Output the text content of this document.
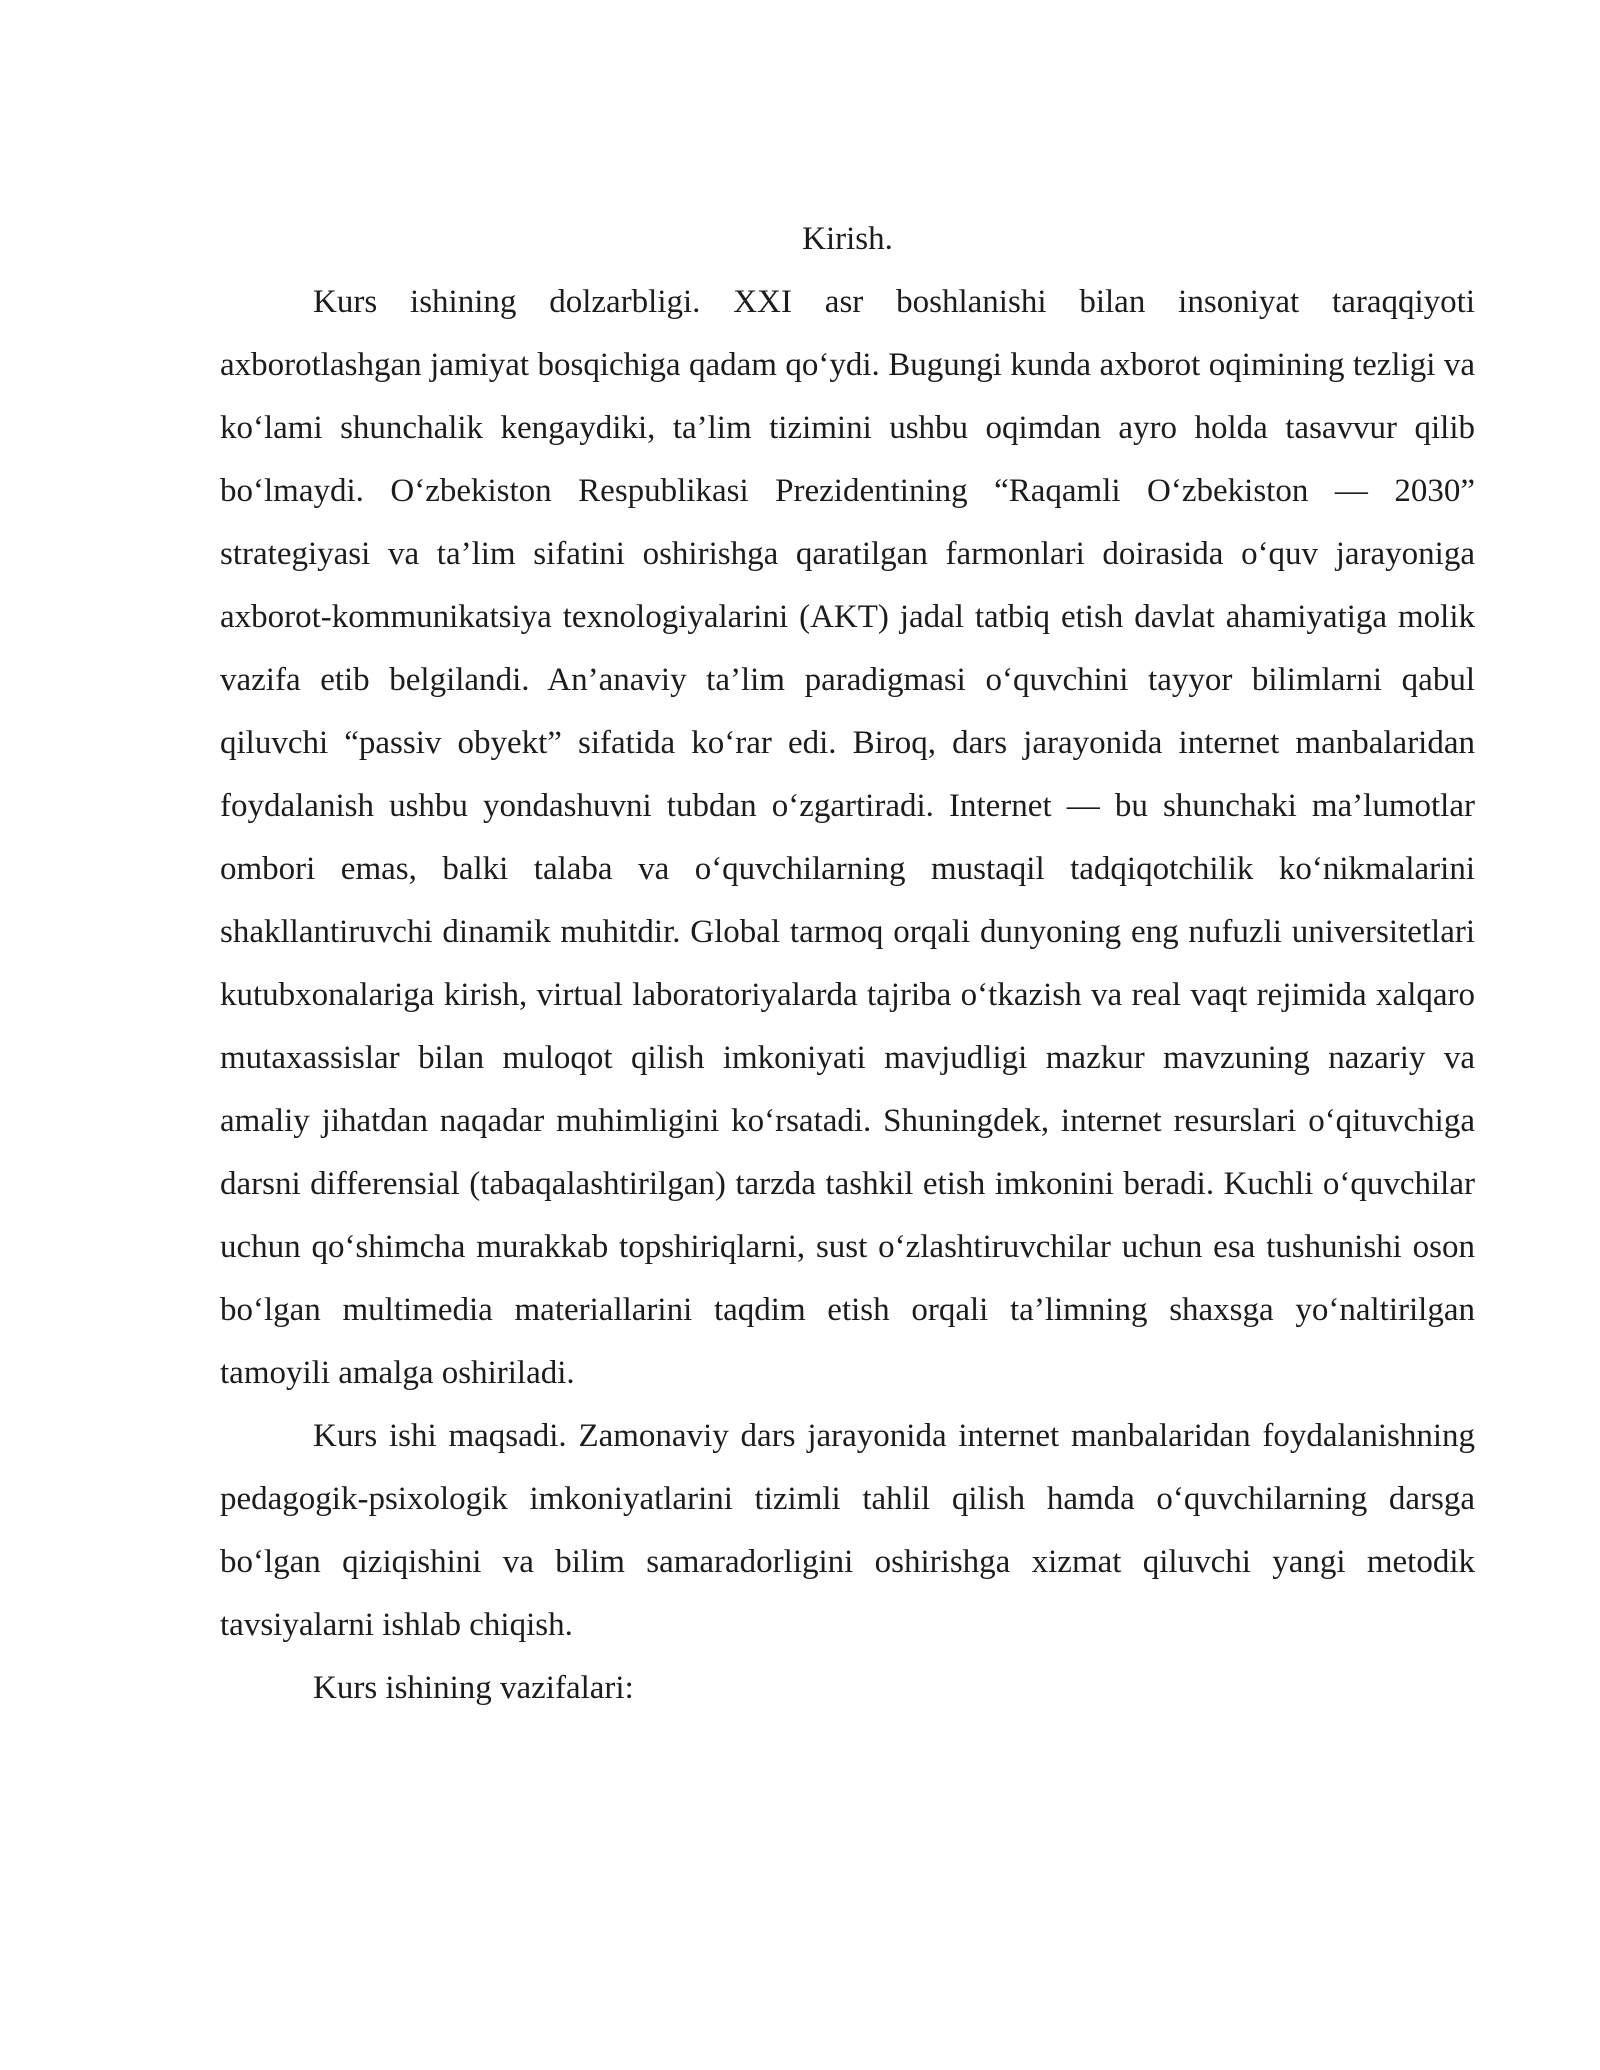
Kirish.

Kurs ishining dolzarbligi. XXI asr boshlanishi bilan insoniyat taraqqiyoti axborotlashgan jamiyat bosqichiga qadam qo‘ydi. Bugungi kunda axborot oqimining tezligi va ko‘lami shunchalik kengaydiki, ta’lim tizimini ushbu oqimdan ayro holda tasavvur qilib bo‘lmaydi. O‘zbekiston Respublikasi Prezidentining “Raqamli O‘zbekiston — 2030” strategiyasi va ta’lim sifatini oshirishga qaratilgan farmonlari doirasida o‘quv jarayoniga axborot-kommunikatsiya texnologiyalarini (AKT) jadal tatbiq etish davlat ahamiyatiga molik vazifa etib belgilandi. An’anaviy ta’lim paradigmasi o‘quvchini tayyor bilimlarni qabul qiluvchi “passiv obyekt” sifatida ko‘rar edi. Biroq, dars jarayonida internet manbalaridan foydalanish ushbu yondashuvni tubdan o‘zgartiradi. Internet — bu shunchaki ma’lumotlar ombori emas, balki talaba va o‘quvchilarning mustaqil tadqiqotchilik ko‘nikmalarini shakllantiruvchi dinamik muhitdir. Global tarmoq orqali dunyoning eng nufuzli universitetlari kutubxonalariga kirish, virtual laboratoriyalarda tajriba o‘tkazish va real vaqt rejimida xalqaro mutaxassislar bilan muloqot qilish imkoniyati mavjudligi mazkur mavzuning nazariy va amaliy jihatdan naqadar muhimligini ko‘rsatadi. Shuningdek, internet resurslari o‘qituvchiga darsni differensial (tabaqalashtirilgan) tarzda tashkil etish imkonini beradi. Kuchli o‘quvchilar uchun qo‘shimcha murakkab topshiriqlarni, sust o‘zlashtiruvchilar uchun esa tushunishi oson bo‘lgan multimedia materiallarini taqdim etish orqali ta’limning shaxsga yo‘naltirilgan tamoyili amalga oshiriladi.

Kurs ishi maqsadi. Zamonaviy dars jarayonida internet manbalaridan foydalanishning pedagogik-psixologik imkoniyatlarini tizimli tahlil qilish hamda o‘quvchilarning darsga bo‘lgan qiziqishini va bilim samaradorligini oshirishga xizmat qiluvchi yangi metodik tavsiyalarni ishlab chiqish.

Kurs ishining vazifalari:
